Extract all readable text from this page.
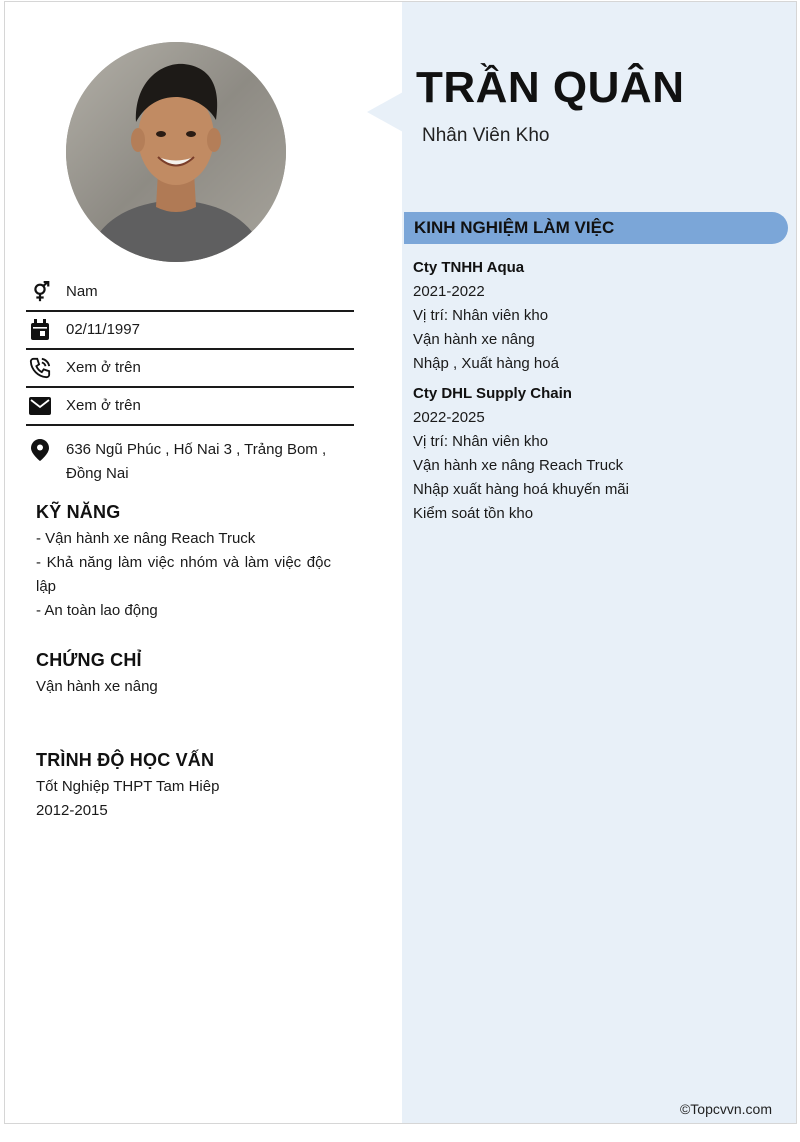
Nam
02/11/1997
Xem ở trên
Xem ở trên
636 Ngũ Phúc , Hố Nai 3 , Trảng Bom , Đồng Nai
KỸ NĂNG
- Vận hành xe nâng Reach Truck
- Khả năng làm việc nhóm và làm việc độc lập
- An toàn lao động
CHỨNG CHỈ
Vận hành xe nâng
TRÌNH ĐỘ HỌC VẤN
Tốt Nghiệp THPT Tam Hiêp
2012-2015
TRẦN QUÂN
Nhân Viên Kho
KINH NGHIỆM LÀM VIỆC
Cty TNHH Aqua
2021-2022
Vị trí: Nhân viên kho
Vận hành xe nâng
Nhập , Xuất hàng hoá
Cty DHL Supply Chain
2022-2025
Vị trí: Nhân viên kho
Vận hành xe nâng Reach Truck
Nhập xuất hàng hoá khuyến mãi
Kiểm soát tồn kho
©Topcvvn.com
